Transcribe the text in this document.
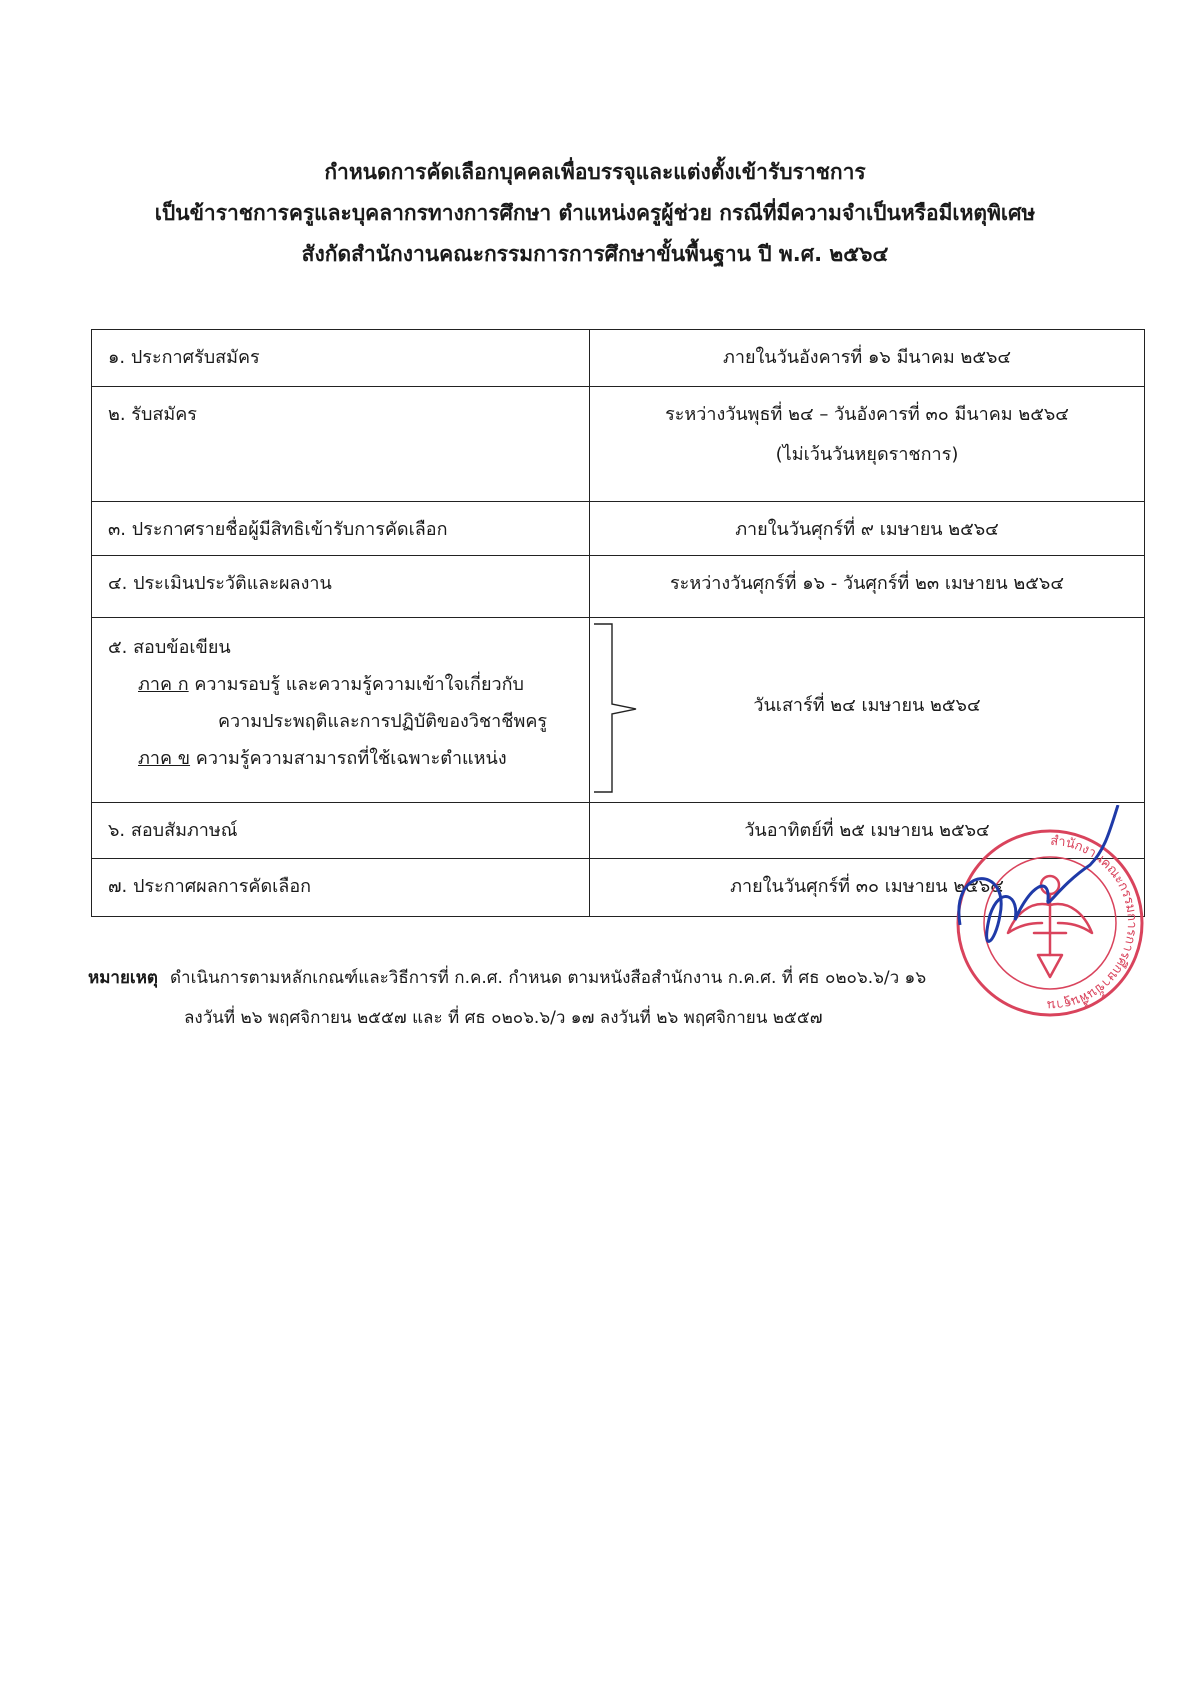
กำหนดการคัดเลือกบุคคลเพื่อบรรจุและแต่งตั้งเข้ารับราชการ
เป็นข้าราชการครูและบุคลากรทางการศึกษา ตำแหน่งครูผู้ช่วย กรณีที่มีความจำเป็นหรือมีเหตุพิเศษ
สังกัดสำนักงานคณะกรรมการการศึกษาขั้นพื้นฐาน ปี พ.ศ. ๒๕๖๔
๑. ประกาศรับสมัคร	ภายในวันอังคารที่ ๑๖ มีนาคม ๒๕๖๔

๒. รับสมัคร	ระหว่างวันพุธที่ ๒๔ – วันอังคารที่ ๓๐ มีนาคม ๒๕๖๔
(ไม่เว้นวันหยุดราชการ)

๓. ประกาศรายชื่อผู้มีสิทธิเข้ารับการคัดเลือก	ภายในวันศุกร์ที่ ๙ เมษายน ๒๕๖๔

๔. ประเมินประวัติและผลงาน	ระหว่างวันศุกร์ที่ ๑๖ - วันศุกร์ที่ ๒๓ เมษายน ๒๕๖๔

๕. สอบข้อเขียน
ภาค ก ความรอบรู้ และความรู้ความเข้าใจเกี่ยวกับ
ความประพฤติและการปฏิบัติของวิชาชีพครู
ภาค ข ความรู้ความสามารถที่ใช้เฉพาะตำแหน่ง	วันเสาร์ที่ ๒๔ เมษายน ๒๕๖๔

๖. สอบสัมภาษณ์	วันอาทิตย์ที่ ๒๕ เมษายน ๒๕๖๔

๗. ประกาศผลการคัดเลือก	ภายในวันศุกร์ที่ ๓๐ เมษายน ๒๕๖๔
หมายเหตุ ดำเนินการตามหลักเกณฑ์และวิธีการที่ ก.ค.ศ. กำหนด ตามหนังสือสำนักงาน ก.ค.ศ. ที่ ศธ ๐๒๐๖.๖/ว ๑๖
ลงวันที่ ๒๖ พฤศจิกายน ๒๕๕๗ และ ที่ ศธ ๐๒๐๖.๖/ว ๑๗ ลงวันที่ ๒๖ พฤศจิกายน ๒๕๕๗
สำนักงานคณะกรรมการการศึกษาขั้นพื้นฐาน
